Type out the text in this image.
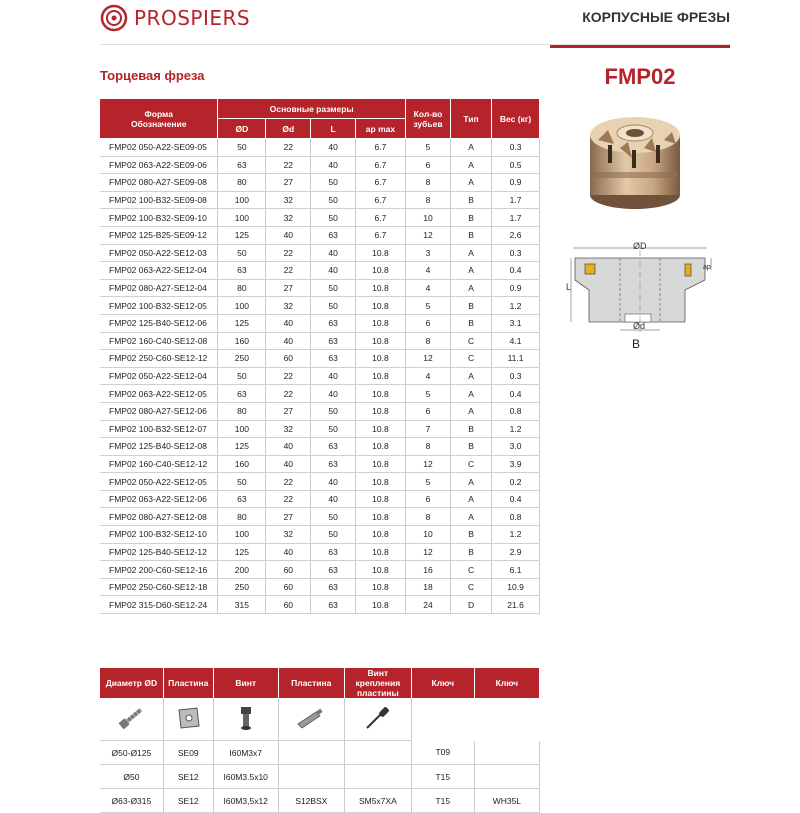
PROSPIERS	КОРПУСНЫЕ ФРЕЗЫ
Торцевая фреза	FMP02
ØD
Ød
L
ap
B
Форма
Обозначение	Основные размеры				Кол-во зубьев	Тип	Вес (кг)
	ØD	Ød	L	ap max			
FMP02 050-A22-SE09-05	50	22	40	6.7	5	A	0.3
FMP02 063-A22-SE09-06	63	22	40	6.7	6	A	0.5
FMP02 080-A27-SE09-08	80	27	50	6.7	8	A	0.9
FMP02 100-B32-SE09-08	100	32	50	6.7	8	B	1.7
FMP02 100-B32-SE09-10	100	32	50	6.7	10	B	1.7
FMP02 125-B25-SE09-12	125	40	63	6.7	12	B	2.6
FMP02 050-A22-SE12-03	50	22	40	10.8	3	A	0.3
FMP02 063-A22-SE12-04	63	22	40	10.8	4	A	0.4
FMP02 080-A27-SE12-04	80	27	50	10.8	4	A	0.9
FMP02 100-B32-SE12-05	100	32	50	10.8	5	B	1.2
FMP02 125-B40-SE12-06	125	40	63	10.8	6	B	3.1
FMP02 160-C40-SE12-08	160	40	63	10.8	8	C	4.1
FMP02 250-C60-SE12-12	250	60	63	10.8	12	C	11.1
FMP02 050-A22-SE12-04	50	22	40	10.8	4	A	0.3
FMP02 063-A22-SE12-05	63	22	40	10.8	5	A	0.4
FMP02 080-A27-SE12-06	80	27	50	10.8	6	A	0.8
FMP02 100-B32-SE12-07	100	32	50	10.8	7	B	1.2
FMP02 125-B40-SE12-08	125	40	63	10.8	8	B	3.0
FMP02 160-C40-SE12-12	160	40	63	10.8	12	C	3.9
FMP02 050-A22-SE12-05	50	22	40	10.8	5	A	0.2
FMP02 063-A22-SE12-06	63	22	40	10.8	6	A	0.4
FMP02 080-A27-SE12-08	80	27	50	10.8	8	A	0.8
FMP02 100-B32-SE12-10	100	32	50	10.8	10	B	1.2
FMP02 125-B40-SE12-12	125	40	63	10.8	12	B	2.9
FMP02 200-C60-SE12-16	200	60	63	10.8	16	C	6.1
FMP02 250-C60-SE12-18	250	60	63	10.8	18	C	10.9
FMP02 315-D60-SE12-24	315	60	63	10.8	24	D	21.6
Диаметр ØD	Пластина	Винт	Пластина	Винт крепления пластины	Ключ	Ключ

Ø50-Ø125	SE09	I60M3x7			T09	
Ø50	SE12	I60M3.5x10			T15	
Ø63-Ø315	SE12	I60M3,5x12	S12BSX	SM5x7XA	T15	WH35L
